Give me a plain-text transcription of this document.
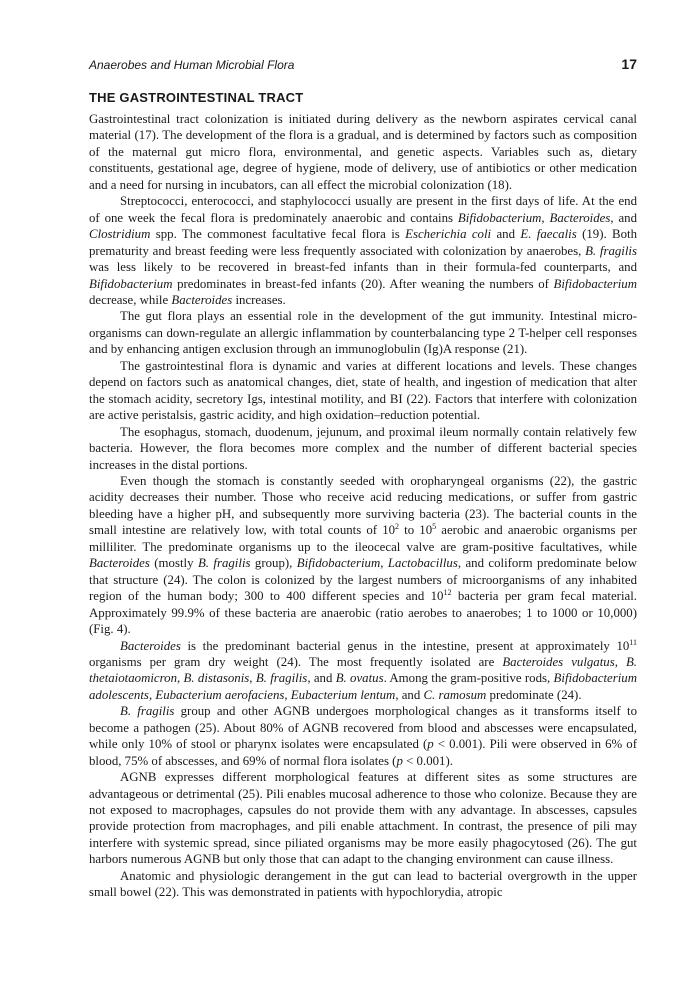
Anaerobes and Human Microbial Flora	17
THE GASTROINTESTINAL TRACT

Gastrointestinal tract colonization is initiated during delivery as the newborn aspirates cervical canal material (17). The development of the flora is a gradual, and is determined by factors such as composition of the maternal gut micro flora, environmental, and genetic aspects. Variables such as, dietary constituents, gestational age, degree of hygiene, mode of delivery, use of antibiotics or other medication and a need for nursing in incubators, can all effect the microbial colonization (18).

Streptococci, enterococci, and staphylococci usually are present in the first days of life. At the end of one week the fecal flora is predominately anaerobic and contains Bifidobacterium, Bacteroides, and Clostridium spp. The commonest facultative fecal flora is Escherichia coli and E. faecalis (19). Both prematurity and breast feeding were less frequently associated with colonization by anaerobes, B. fragilis was less likely to be recovered in breast-fed infants than in their formula-fed counterparts, and Bifidobacterium predominates in breast-fed infants (20). After weaning the numbers of Bifidobacterium decrease, while Bacteroides increases.

The gut flora plays an essential role in the development of the gut immunity. Intestinal micro-organisms can down-regulate an allergic inflammation by counterbalancing type 2 T-helper cell responses and by enhancing antigen exclusion through an immunoglobulin (Ig)A response (21).

The gastrointestinal flora is dynamic and varies at different locations and levels. These changes depend on factors such as anatomical changes, diet, state of health, and ingestion of medication that alter the stomach acidity, secretory Igs, intestinal motility, and BI (22). Factors that interfere with colonization are active peristalsis, gastric acidity, and high oxidation–reduction potential.

The esophagus, stomach, duodenum, jejunum, and proximal ileum normally contain relatively few bacteria. However, the flora becomes more complex and the number of different bacterial species increases in the distal portions.

Even though the stomach is constantly seeded with oropharyngeal organisms (22), the gastric acidity decreases their number. Those who receive acid reducing medications, or suffer from gastric bleeding have a higher pH, and subsequently more surviving bacteria (23). The bacterial counts in the small intestine are relatively low, with total counts of $10^2$ to $10^5$ aerobic and anaerobic organisms per milliliter. The predominate organisms up to the ileocecal valve are gram-positive facultatives, while Bacteroides (mostly B. fragilis group), Bifidobacterium, Lactobacillus, and coliform predominate below that structure (24). The colon is colonized by the largest numbers of microorganisms of any inhabited region of the human body; 300 to 400 different species and $10^{12}$ bacteria per gram fecal material. Approximately 99.9% of these bacteria are anaerobic (ratio aerobes to anaerobes; 1 to 1000 or 10,000) (Fig. 4).

Bacteroides is the predominant bacterial genus in the intestine, present at approximately $10^{11}$ organisms per gram dry weight (24). The most frequently isolated are Bacteroides vulgatus, B. thetaiotaomicron, B. distasonis, B. fragilis, and B. ovatus. Among the gram-positive rods, Bifidobacterium adolescents, Eubacterium aerofaciens, Eubacterium lentum, and C. ramosum predominate (24).

B. fragilis group and other AGNB undergoes morphological changes as it transforms itself to become a pathogen (25). About 80% of AGNB recovered from blood and abscesses were encapsulated, while only 10% of stool or pharynx isolates were encapsulated (p < 0.001). Pili were observed in 6% of blood, 75% of abscesses, and 69% of normal flora isolates (p < 0.001).

AGNB expresses different morphological features at different sites as some structures are advantageous or detrimental (25). Pili enables mucosal adherence to those who colonize. Because they are not exposed to macrophages, capsules do not provide them with any advantage. In abscesses, capsules provide protection from macrophages, and pili enable attachment. In contrast, the presence of pili may interfere with systemic spread, since piliated organisms may be more easily phagocytosed (26). The gut harbors numerous AGNB but only those that can adapt to the changing environment can cause illness.

Anatomic and physiologic derangement in the gut can lead to bacterial overgrowth in the upper small bowel (22). This was demonstrated in patients with hypochlorydia, atropic
